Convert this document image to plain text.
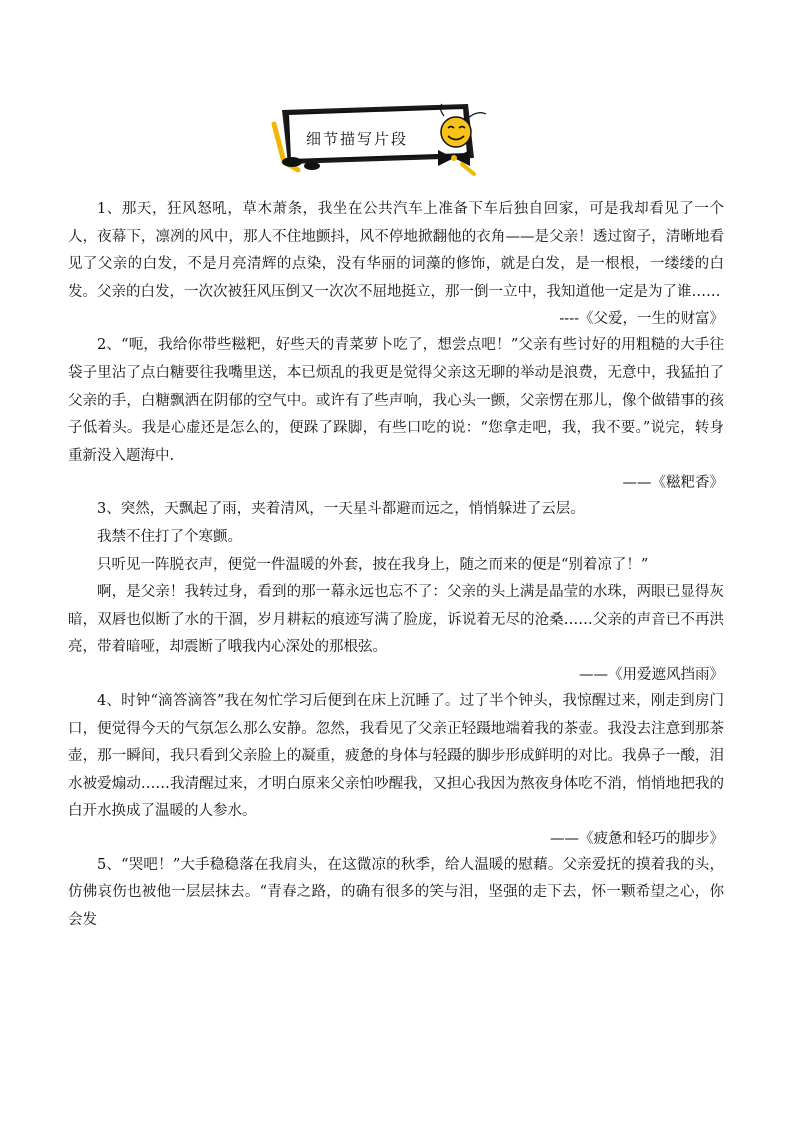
细节描写片段

1、那天，狂风怒吼，草木萧条，我坐在公共汽车上准备下车后独自回家，可是我却看见了一个人，夜幕下，凛冽的风中，那人不住地颤抖，风不停地掀翻他的衣角——是父亲！透过窗子，清晰地看见了父亲的白发，不是月亮清辉的点染，没有华丽的词藻的修饰，就是白发，是一根根，一缕缕的白发。父亲的白发，一次次被狂风压倒又一次次不屈地挺立，那一倒一立中，我知道他一定是为了谁……

----《父爱，一生的财富》

2、“呃，我给你带些糍粑，好些天的青菜萝卜吃了，想尝点吧！”父亲有些讨好的用粗糙的大手往袋子里沾了点白糖要往我嘴里送，本已烦乱的我更是觉得父亲这无聊的举动是浪费，无意中，我猛拍了父亲的手，白糖飘洒在阴郁的空气中。或许有了些声响，我心头一颤，父亲愣在那儿，像个做错事的孩子低着头。我是心虚还是怎么的，便跺了跺脚，有些口吃的说：“您拿走吧，我，我不要。”说完，转身重新没入题海中.

——《糍粑香》

3、突然，天飘起了雨，夹着清风，一天星斗都避而远之，悄悄躲进了云层。

我禁不住打了个寒颤。

只听见一阵脱衣声，便觉一件温暖的外套，披在我身上，随之而来的便是“别着凉了！”

啊，是父亲！我转过身，看到的那一幕永远也忘不了：父亲的头上满是晶莹的水珠，两眼已显得灰暗，双唇也似断了水的干涸，岁月耕耘的痕迹写满了脸庞，诉说着无尽的沧桑……父亲的声音已不再洪亮，带着暗哑，却震断了哦我内心深处的那根弦。

——《用爱遮风挡雨》

4、时钟“滴答滴答”我在匆忙学习后便到在床上沉睡了。过了半个钟头，我惊醒过来，刚走到房门口，便觉得今天的气氛怎么那么安静。忽然，我看见了父亲正轻蹑地端着我的茶壶。我没去注意到那茶壶，那一瞬间，我只看到父亲脸上的凝重，疲惫的身体与轻蹑的脚步形成鲜明的对比。我鼻子一酸，泪水被爱煽动……我清醒过来，才明白原来父亲怕吵醒我，又担心我因为熬夜身体吃不消，悄悄地把我的白开水换成了温暖的人参水。

——《疲惫和轻巧的脚步》

5、“哭吧！”大手稳稳落在我肩头，在这微凉的秋季，给人温暖的慰藉。父亲爱抚的摸着我的头，仿佛哀伤也被他一层层抹去。“青春之路，的确有很多的笑与泪，坚强的走下去，怀一颗希望之心，你会发
